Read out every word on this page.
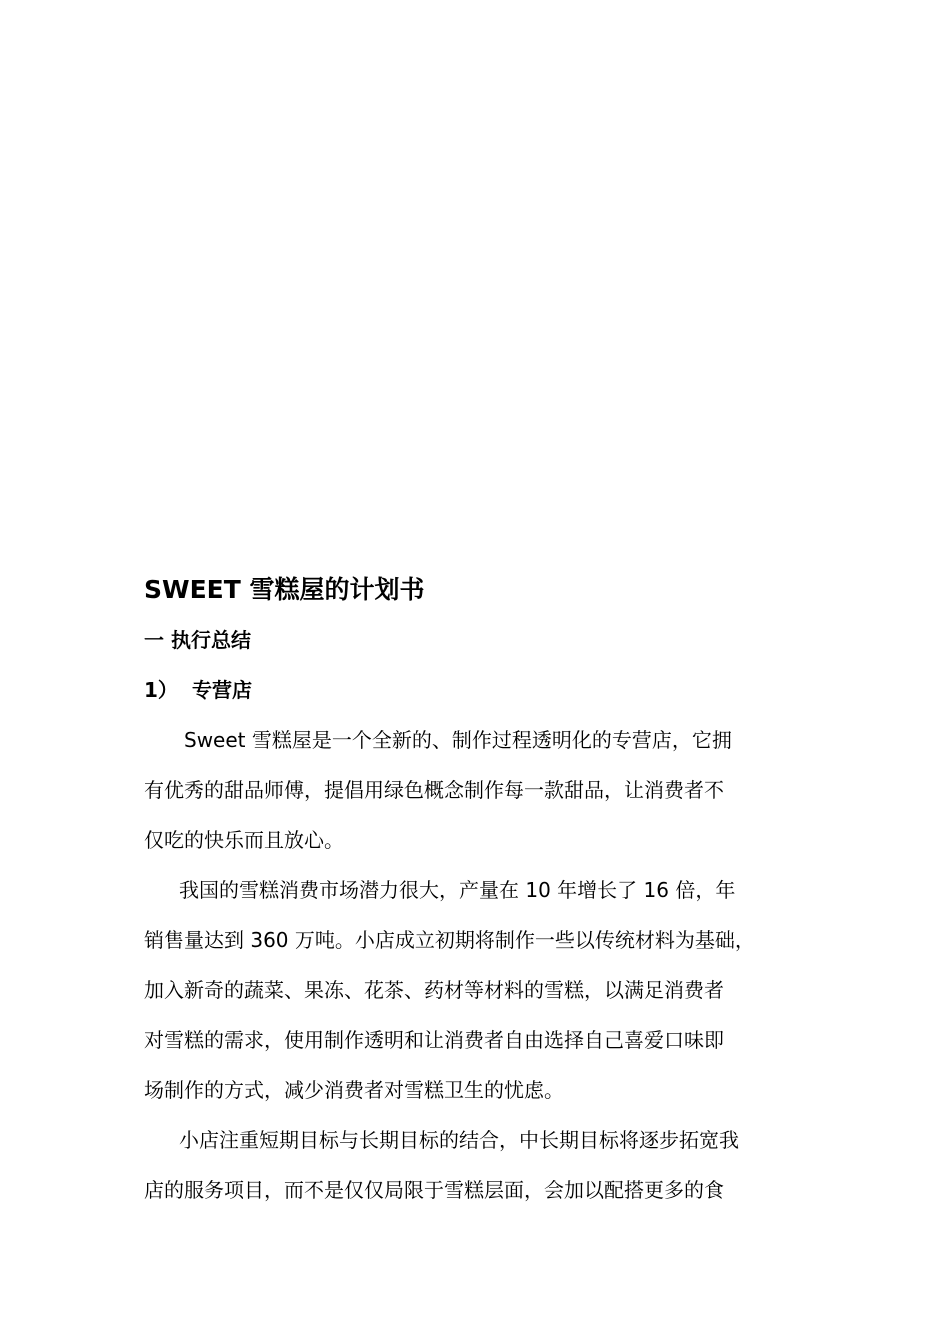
SWEET 雪糕屋的计划书
一 执行总结
1） 专营店

Sweet 雪糕屋是一个全新的、制作过程透明化的专营店，它拥
有优秀的甜品师傅，提倡用绿色概念制作每一款甜品，让消费者不
仅吃的快乐而且放心。

我国的雪糕消费市场潜力很大，产量在 10 年增长了 16 倍，年
销售量达到 360 万吨。小店成立初期将制作一些以传统材料为基础，
加入新奇的蔬菜、果冻、花茶、药材等材料的雪糕，以满足消费者
对雪糕的需求，使用制作透明和让消费者自由选择自己喜爱口味即
场制作的方式，减少消费者对雪糕卫生的忧虑。

小店注重短期目标与长期目标的结合，中长期目标将逐步拓宽我
店的服务项目，而不是仅仅局限于雪糕层面，会加以配搭更多的食
